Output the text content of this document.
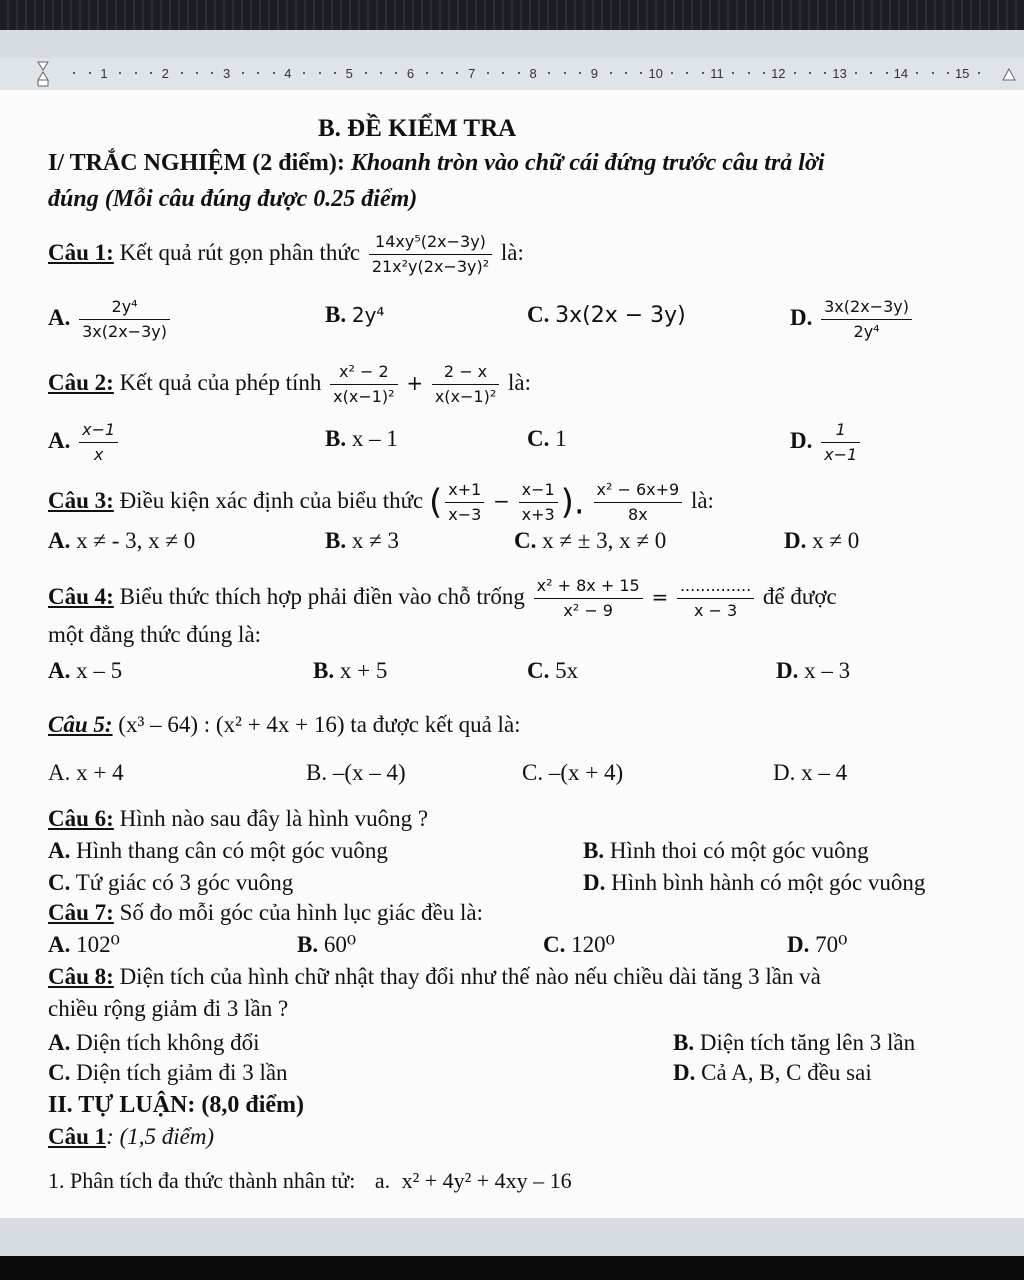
1	2	3	4	5	6	7	8	9	10	11	12	13	14	15
B. ĐỀ KIỂM TRA
I/ TRẮC NGHIỆM (2 điểm): Khoanh tròn vào chữ cái đứng trước câu trả lời
đúng (Mỗi câu đúng được 0.25 điểm)
Câu 1: Kết quả rút gọn phân thức $\frac{\text{14xy⁵(2x−3y)}}{\text{21x²y(2x−3y)²}}$ là:
A. $\frac{\text{2y⁴}}{3x(2x-3y)}$	B. 2y⁴	C. 3x(2x − 3y)	D. $\frac{3x(2x-3y)}{\text{2y⁴}}$
Câu 2: Kết quả của phép tính $\frac{\text{x² − 2}}{\text{x(x−1)²}} + \frac{2 - x}{\text{x(x−1)²}}$ là:
A. $\frac{x-1}{x}$	B. x – 1	C. 1	D. $\frac{1}{x-1}$
Câu 3: Điều kiện xác định của biểu thức ( $\frac{x+1}{x-3} - \frac{x-1}{x+3}$ ). $\frac{\text{x² − 6x+9}}{8x}$ là:
A. x ≠ - 3, x ≠ 0	B. x ≠ 3	C. x ≠ ± 3, x ≠ 0	D. x ≠ 0
Câu 4: Biểu thức thích hợp phải điền vào chỗ trống $\frac{\text{x² + 8x + 15}}{\text{x² − 9}} = \frac{..............}{x - 3}$ để được
một đẳng thức đúng là:
A. x – 5	B. x + 5	C. 5x	D. x – 3
Câu 5: (x³ – 64) : (x² + 4x + 16) ta được kết quả là:
A. x + 4	B. –(x – 4)	C. –(x + 4)	D. x – 4
Câu 6: Hình nào sau đây là hình vuông ?
A. Hình thang cân có một góc vuông	B. Hình thoi có một góc vuông
C. Tứ giác có 3 góc vuông	D. Hình bình hành có một góc vuông
Câu 7: Số đo mỗi góc của hình lục giác đều là:
A. 102⁰	B. 60⁰	C. 120⁰	D. 70⁰
Câu 8: Diện tích của hình chữ nhật thay đổi như thế nào nếu chiều dài tăng 3 lần và
chiều rộng giảm đi 3 lần ?
A. Diện tích không đổi	B. Diện tích tăng lên 3 lần
C. Diện tích giảm đi 3 lần	D. Cả A, B, C đều sai
II. TỰ LUẬN: (8,0 điểm)
Câu 1: (1,5 điểm)
1. Phân tích đa thức thành nhân tử: a. x² + 4y² + 4xy – 16
